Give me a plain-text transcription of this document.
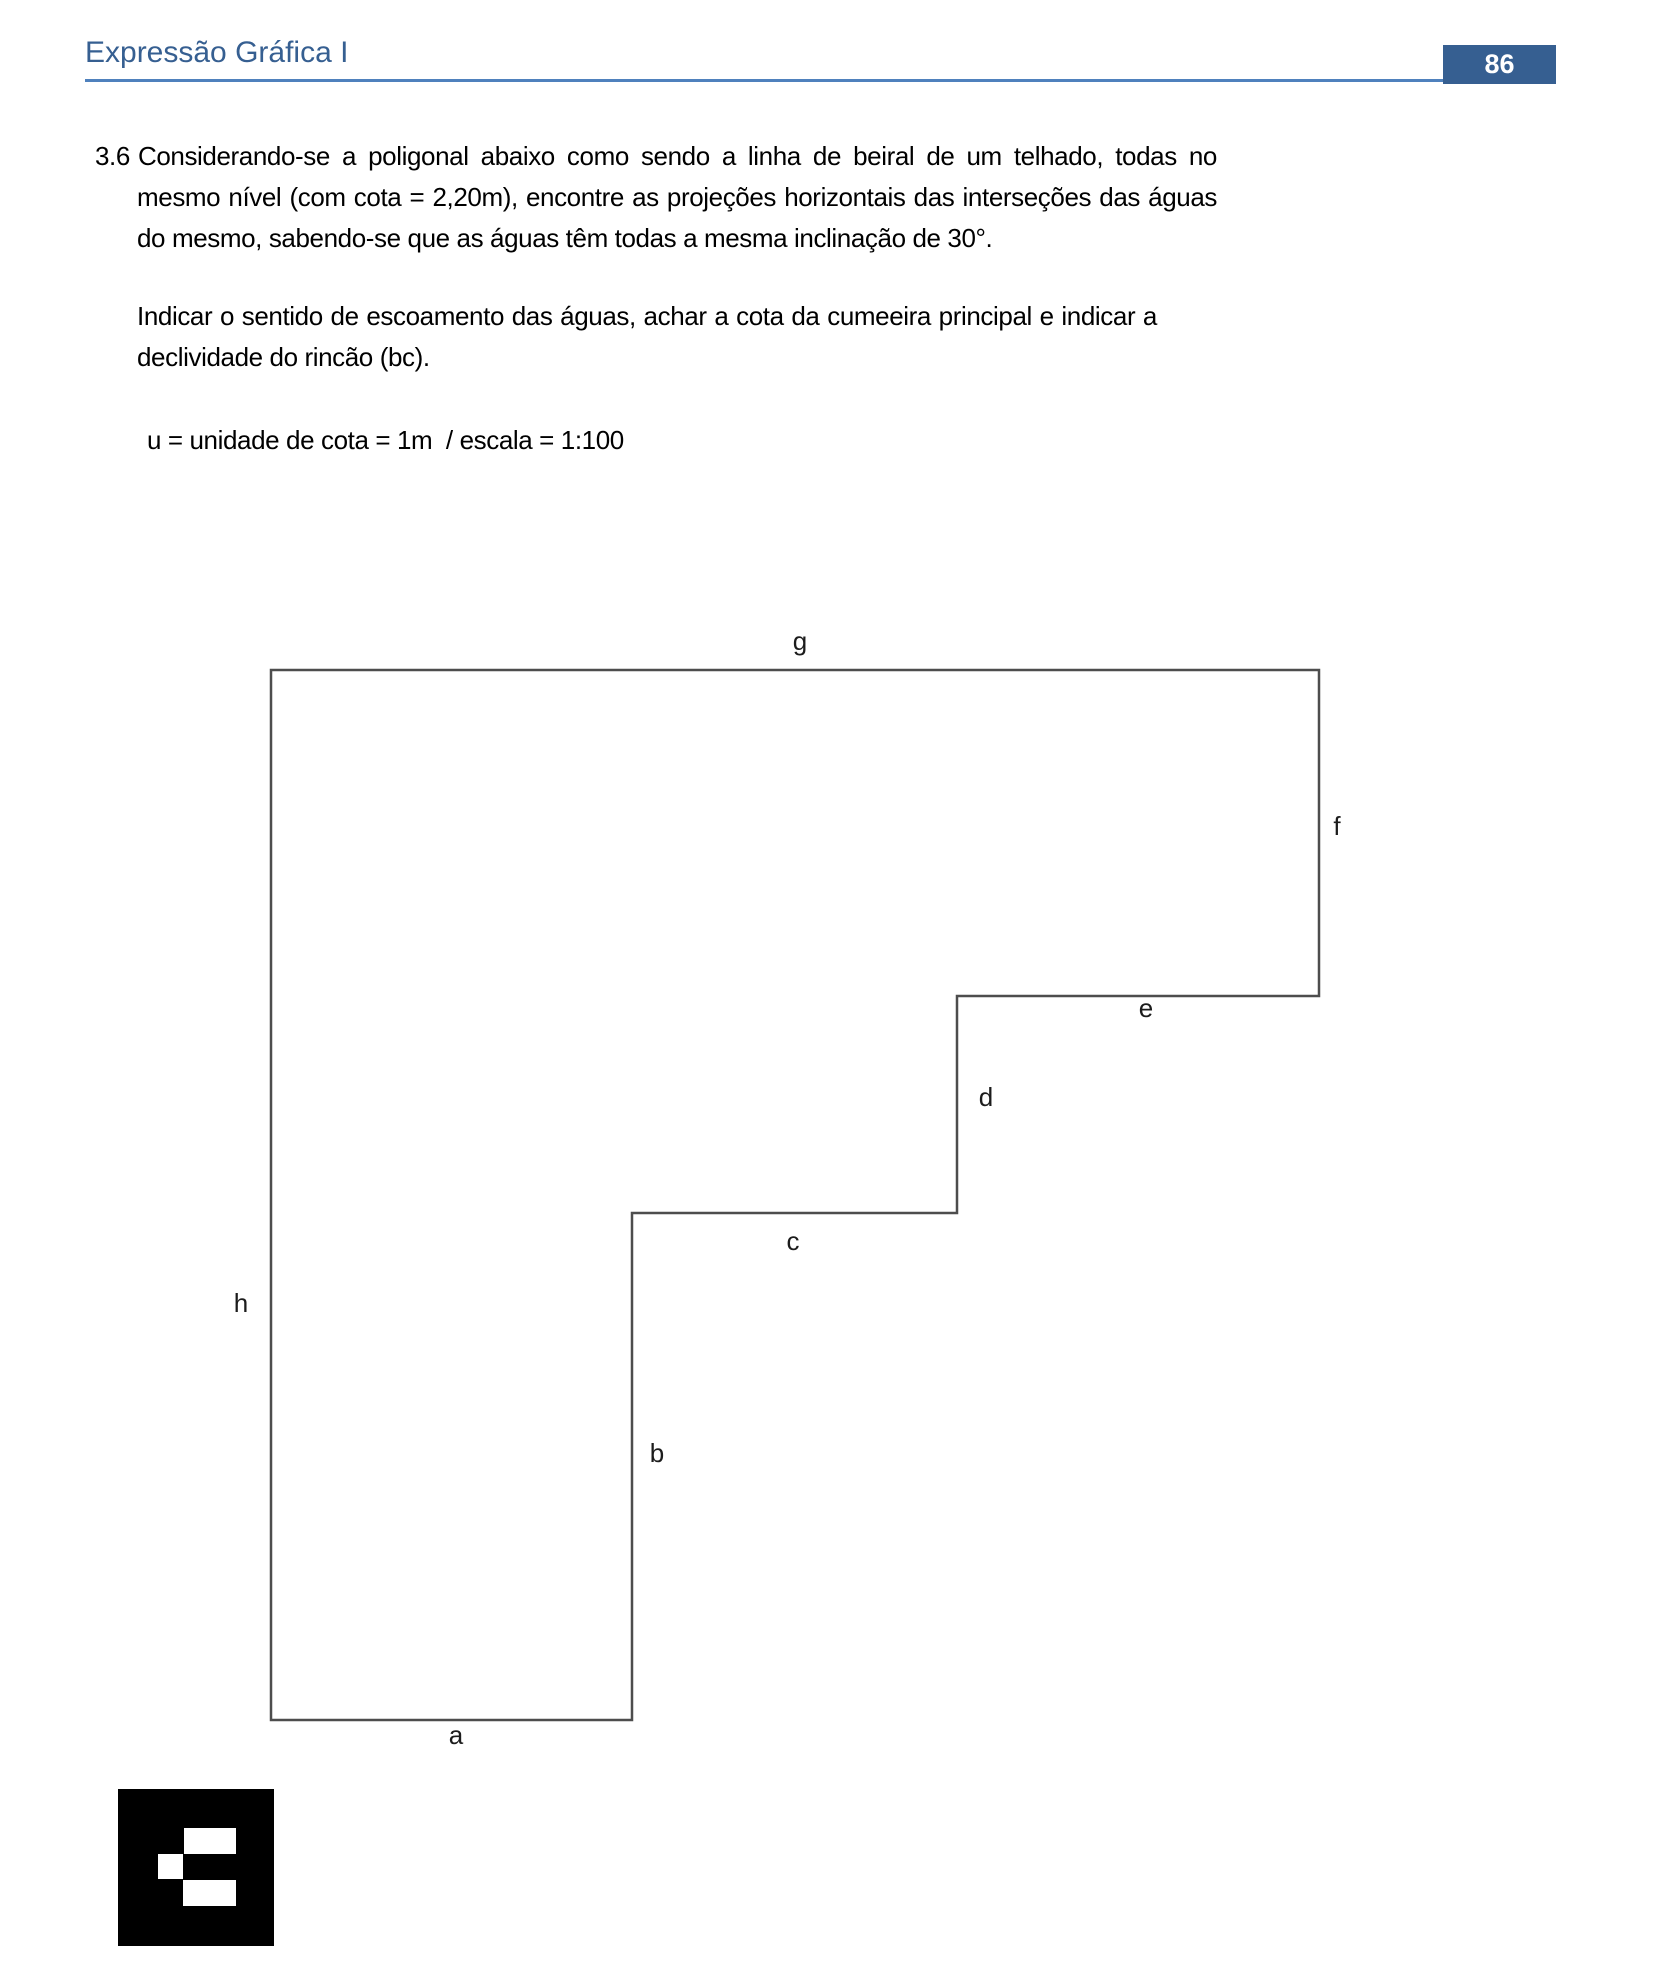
Expressão Gráfica I	86
3.6 Considerando-se a poligonal abaixo como sendo a linha de beiral de um telhado, todas no mesmo nível (com cota = 2,20m), encontre as projeções horizontais das interseções das águas do mesmo, sabendo-se que as águas têm todas a mesma inclinação de 30°.
Indicar o sentido de escoamento das águas, achar a cota da cumeeira principal e indicar a declividade do rincão (bc).
u = unidade de cota = 1m  / escala = 1:100
g
f
e
d
c
b
a
h
